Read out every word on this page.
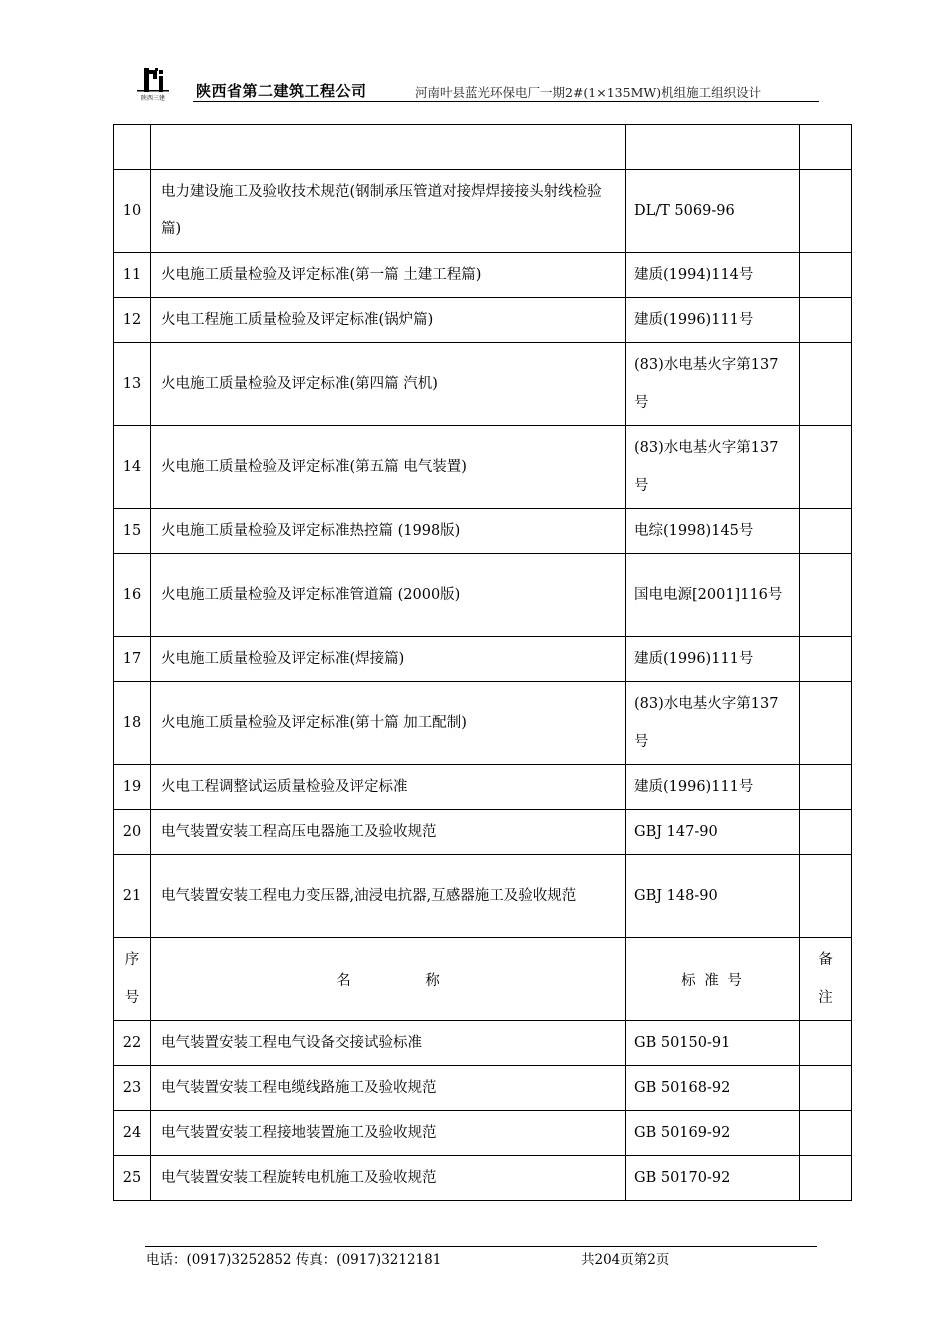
陕西三建 陕西省第二建筑工程公司	河南叶县蓝光环保电厂一期2#(1×135MW)机组施工组织设计

10	电力建设施工及验收技术规范(钢制承压管道对接焊焊接接头射线检验篇)	DL/T 5069-96	
11	火电施工质量检验及评定标准(第一篇 土建工程篇)	建质(1994)114号	
12	火电工程施工质量检验及评定标准(锅炉篇)	建质(1996)111号	
13	火电施工质量检验及评定标准(第四篇 汽机)	(83)水电基火字第137号	
14	火电施工质量检验及评定标准(第五篇 电气装置)	(83)水电基火字第137号	
15	火电施工质量检验及评定标准热控篇 (1998版)	电综(1998)145号	
16	火电施工质量检验及评定标准管道篇 (2000版)	国电电源[2001]116号	
17	火电施工质量检验及评定标准(焊接篇)	建质(1996)111号	
18	火电施工质量检验及评定标准(第十篇 加工配制)	(83)水电基火字第137号	
19	火电工程调整试运质量检验及评定标准	建质(1996)111号	
20	电气装置安装工程高压电器施工及验收规范	GBJ 147-90	
21	电气装置安装工程电力变压器,油浸电抗器,互感器施工及验收规范	GBJ 148-90	
序号	名 称	标 准 号	备注
22	电气装置安装工程电气设备交接试验标准	GB 50150-91	
23	电气装置安装工程电缆线路施工及验收规范	GB 50168-92	
24	电气装置安装工程接地装置施工及验收规范	GB 50169-92	
25	电气装置安装工程旋转电机施工及验收规范	GB 50170-92	
电话：(0917)3252852 传真：(0917)3212181	共204页第2页
